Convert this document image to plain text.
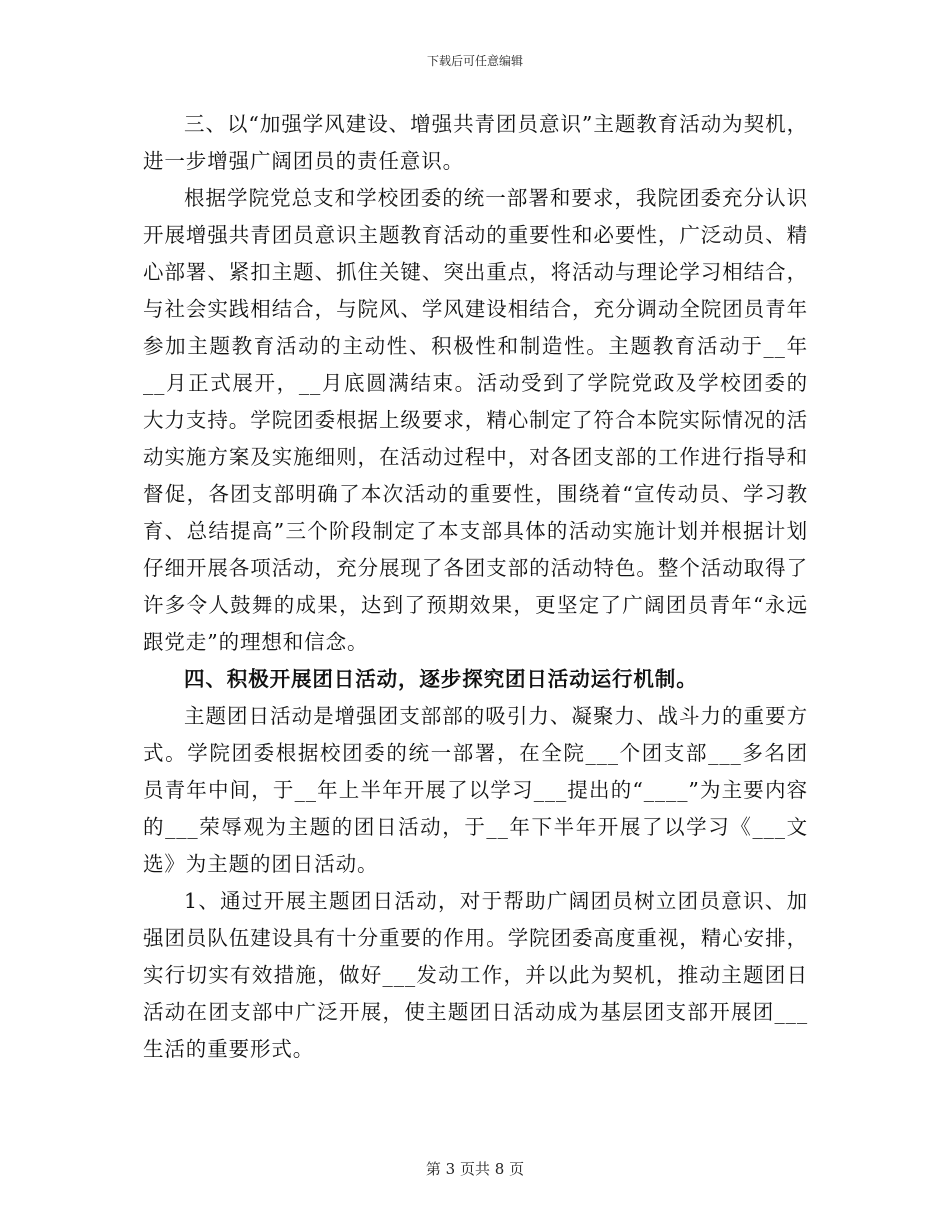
下载后可任意编辑

三、以“加强学风建设、增强共青团员意识”主题教育活动为契机，进一步增强广阔团员的责任意识。

根据学院党总支和学校团委的统一部署和要求，我院团委充分认识开展增强共青团员意识主题教育活动的重要性和必要性，广泛动员、精心部署、紧扣主题、抓住关键、突出重点，将活动与理论学习相结合，与社会实践相结合，与院风、学风建设相结合，充分调动全院团员青年参加主题教育活动的主动性、积极性和制造性。主题教育活动于__年__月正式展开，__月底圆满结束。活动受到了学院党政及学校团委的大力支持。学院团委根据上级要求，精心制定了符合本院实际情况的活动实施方案及实施细则，在活动过程中，对各团支部的工作进行指导和督促，各团支部明确了本次活动的重要性，围绕着“宣传动员、学习教育、总结提高”三个阶段制定了本支部具体的活动实施计划并根据计划仔细开展各项活动，充分展现了各团支部的活动特色。整个活动取得了许多令人鼓舞的成果，达到了预期效果，更坚定了广阔团员青年“永远跟党走”的理想和信念。

四、积极开展团日活动，逐步探究团日活动运行机制。

主题团日活动是增强团支部部的吸引力、凝聚力、战斗力的重要方式。学院团委根据校团委的统一部署，在全院___个团支部___多名团员青年中间，于__年上半年开展了以学习___提出的“____”为主要内容的___荣辱观为主题的团日活动，于__年下半年开展了以学习《___文选》为主题的团日活动。

1、通过开展主题团日活动，对于帮助广阔团员树立团员意识、加强团员队伍建设具有十分重要的作用。学院团委高度重视，精心安排，实行切实有效措施，做好___发动工作，并以此为契机，推动主题团日活动在团支部中广泛开展，使主题团日活动成为基层团支部开展团___生活的重要形式。

第 3 页共 8 页
